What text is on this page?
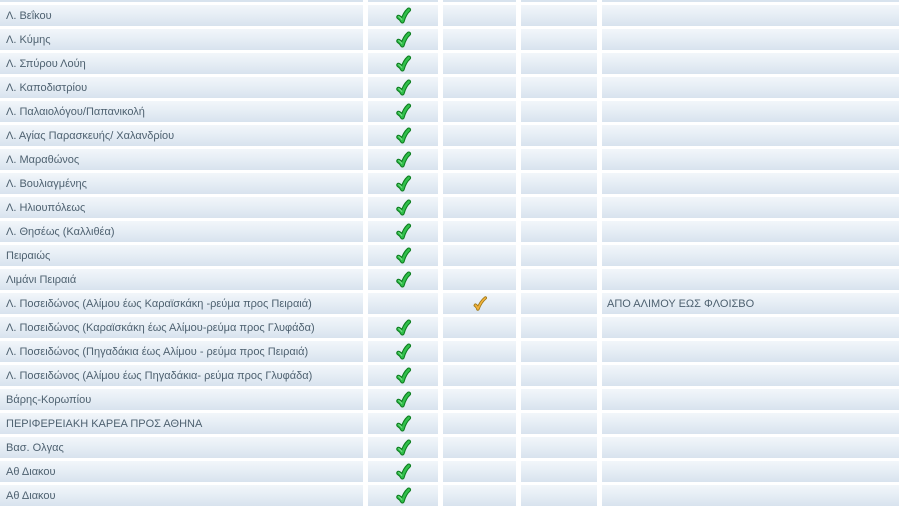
Λ. Βεΐκου
Λ. Κύμης
Λ. Σπύρου Λούη
Λ. Καποδιστρίου
Λ. Παλαιολόγου/Παπανικολή
Λ. Αγίας Παρασκευής/ Χαλανδρίου
Λ. Μαραθώνος
Λ. Βουλιαγμένης
Λ. Ηλιουπόλεως
Λ. Θησέως (Καλλιθέα)
Πειραιώς
Λιμάνι Πειραιά
Λ. Ποσειδώνος (Αλίμου έως Καραϊσκάκη -ρεύμα προς Πειραιά)	ΑΠΟ ΑΛΙΜΟΥ ΕΩΣ ΦΛΟΙΣΒΟ
Λ. Ποσειδώνος (Καραϊσκάκη έως Αλίμου-ρεύμα προς Γλυφάδα)
Λ. Ποσειδώνος (Πηγαδάκια έως Αλίμου - ρεύμα προς Πειραιά)
Λ. Ποσειδώνος (Αλίμου έως Πηγαδάκια- ρεύμα προς Γλυφάδα)
Βάρης-Κορωπίου
ΠΕΡΙΦΕΡΕΙΑΚΗ ΚΑΡΕΑ ΠΡΟΣ ΑΘΗΝΑ
Βασ. Ολγας
Αθ Διακου
Αθ Διακου
